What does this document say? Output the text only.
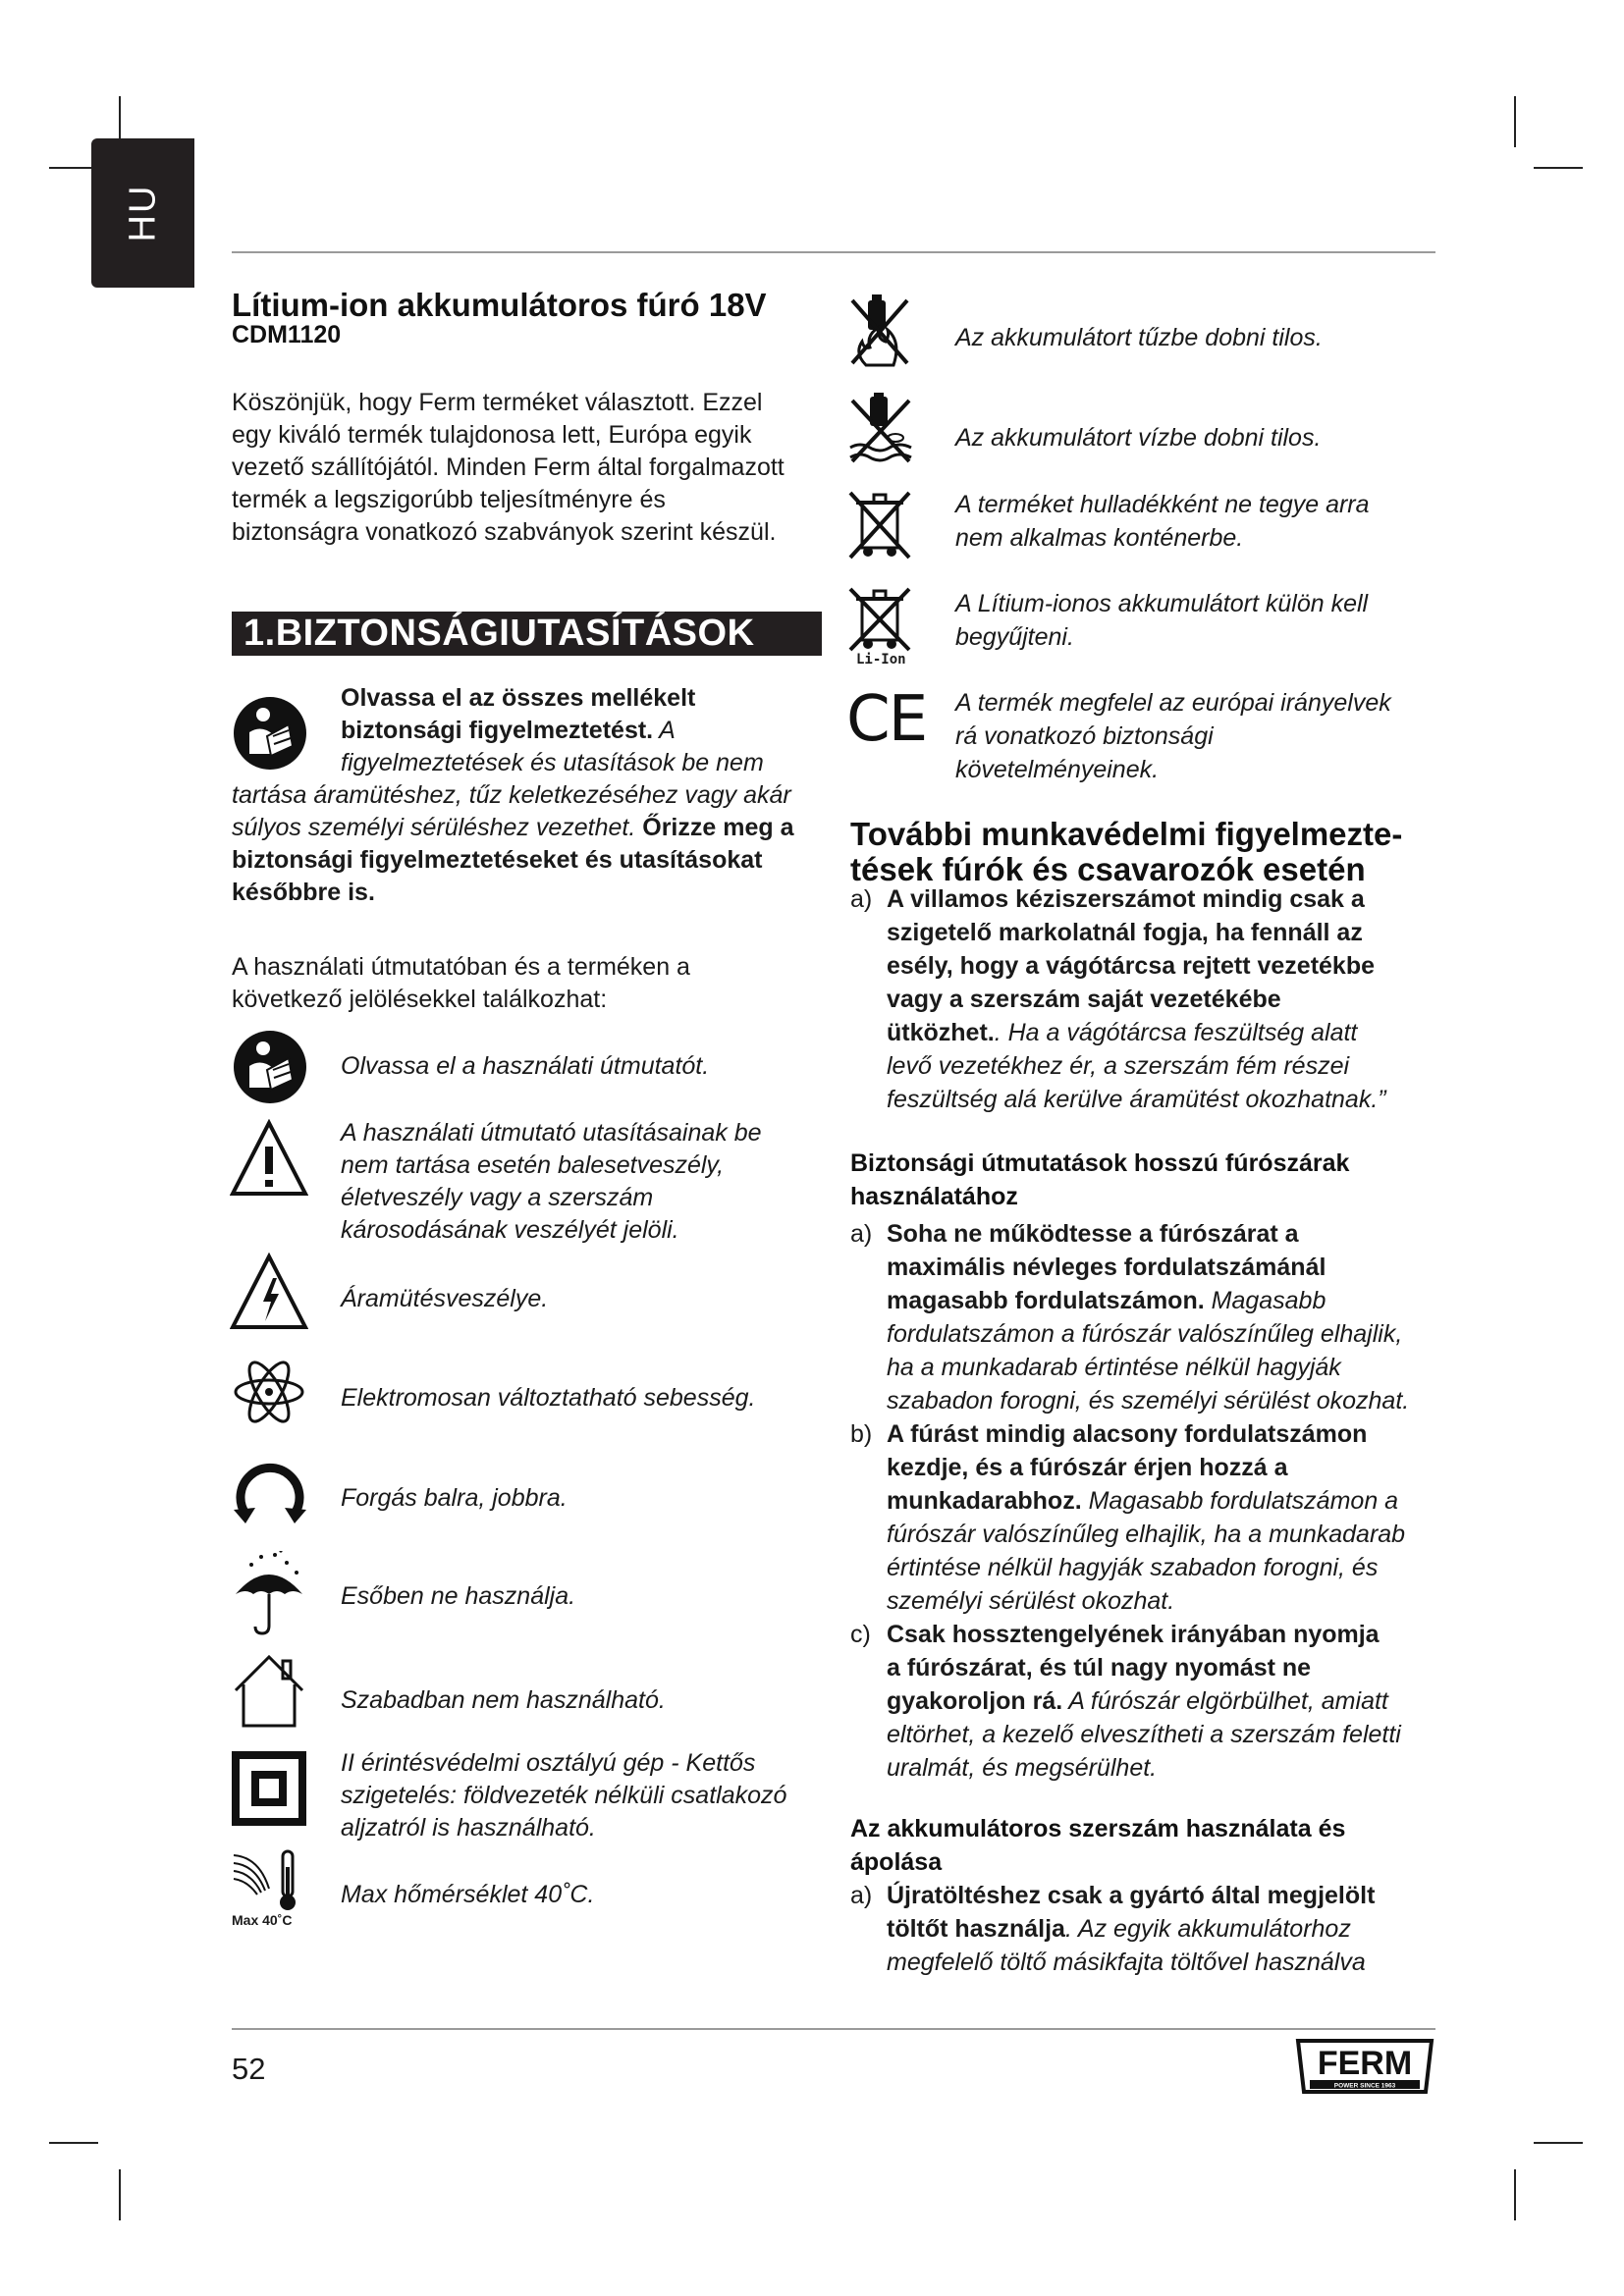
HU
Lítium-ion akkumulátoros fúró 18V
CDM1120
Köszönjük, hogy Ferm terméket választott. Ezzel
egy kiváló termék tulajdonosa lett, Európa egyik
vezető szállítójától. Minden Ferm által forgalmazott
termék a legszigorúbb teljesítményre és
biztonságra vonatkozó szabványok szerint készül.
1.BIZTONSÁGIUTASÍTÁSOK
Olvassa el az összes mellékelt
biztonsági figyelmeztetést. A
figyelmeztetések és utasítások be nem
tartása áramütéshez, tűz keletkezéséhez vagy akár
súlyos személyi sérüléshez vezethet. Őrizze meg a
biztonsági figyelmeztetéseket és utasításokat
későbbre is.
A használati útmutatóban és a terméken a
következő jelölésekkel találkozhat:
Olvassa el a használati útmutatót.
A használati útmutató utasításainak be
nem tartása esetén balesetveszély,
életveszély vagy a szerszám
károsodásának veszélyét jelöli.
Áramütésveszélye.
Elektromosan változtatható sebesség.
Forgás balra, jobbra.
Esőben ne használja.
Szabadban nem használható.
II érintésvédelmi osztályú gép - Kettős
szigetelés: földvezeték nélküli csatlakozó
aljzatról is használható.
Max 40˚C
Max hőmérséklet 40˚C.
Az akkumulátort tűzbe dobni tilos.
Az akkumulátort vízbe dobni tilos.
A terméket hulladékként ne tegye arra
nem alkalmas konténerbe.
Li-Ion
A Lítium-ionos akkumulátort külön kell
begyűjteni.
CE A termék megfelel az európai irányelvek
rá vonatkozó biztonsági
követelményeinek.
További munkavédelmi figyelmezte-
tések fúrók és csavarozók esetén
a) A villamos kéziszerszámot mindig csak a
szigetelő markolatnál fogja, ha fennáll az
esély, hogy a vágótárcsa rejtett vezetékbe
vagy a szerszám saját vezetékébe
ütközhet.. Ha a vágótárcsa feszültség alatt
levő vezetékhez ér, a szerszám fém részei
feszültség alá kerülve áramütést okozhatnak.”
Biztonsági útmutatások hosszú fúrószárak
használatához
a) Soha ne működtesse a fúrószárat a
maximális névleges fordulatszámánál
magasabb fordulatszámon. Magasabb
fordulatszámon a fúrószár valószínűleg elhajlik,
ha a munkadarab értintése nélkül hagyják
szabadon forogni, és személyi sérülést okozhat.
b) A fúrást mindig alacsony fordulatszámon
kezdje, és a fúrószár érjen hozzá a
munkadarabhoz. Magasabb fordulatszámon a
fúrószár valószínűleg elhajlik, ha a munkadarab
értintése nélkül hagyják szabadon forogni, és
személyi sérülést okozhat.
c) Csak hossztengelyének irányában nyomja
a fúrószárat, és túl nagy nyomást ne
gyakoroljon rá. A fúrószár elgörbülhet, amiatt
eltörhet, a kezelő elveszítheti a szerszám feletti
uralmát, és megsérülhet.
Az akkumulátoros szerszám használata és
ápolása
a) Újratöltéshez csak a gyártó által megjelölt
töltőt használja. Az egyik akkumulátorhoz
megfelelő töltő másikfajta töltővel használva
52	FERM
POWER SINCE 1963
